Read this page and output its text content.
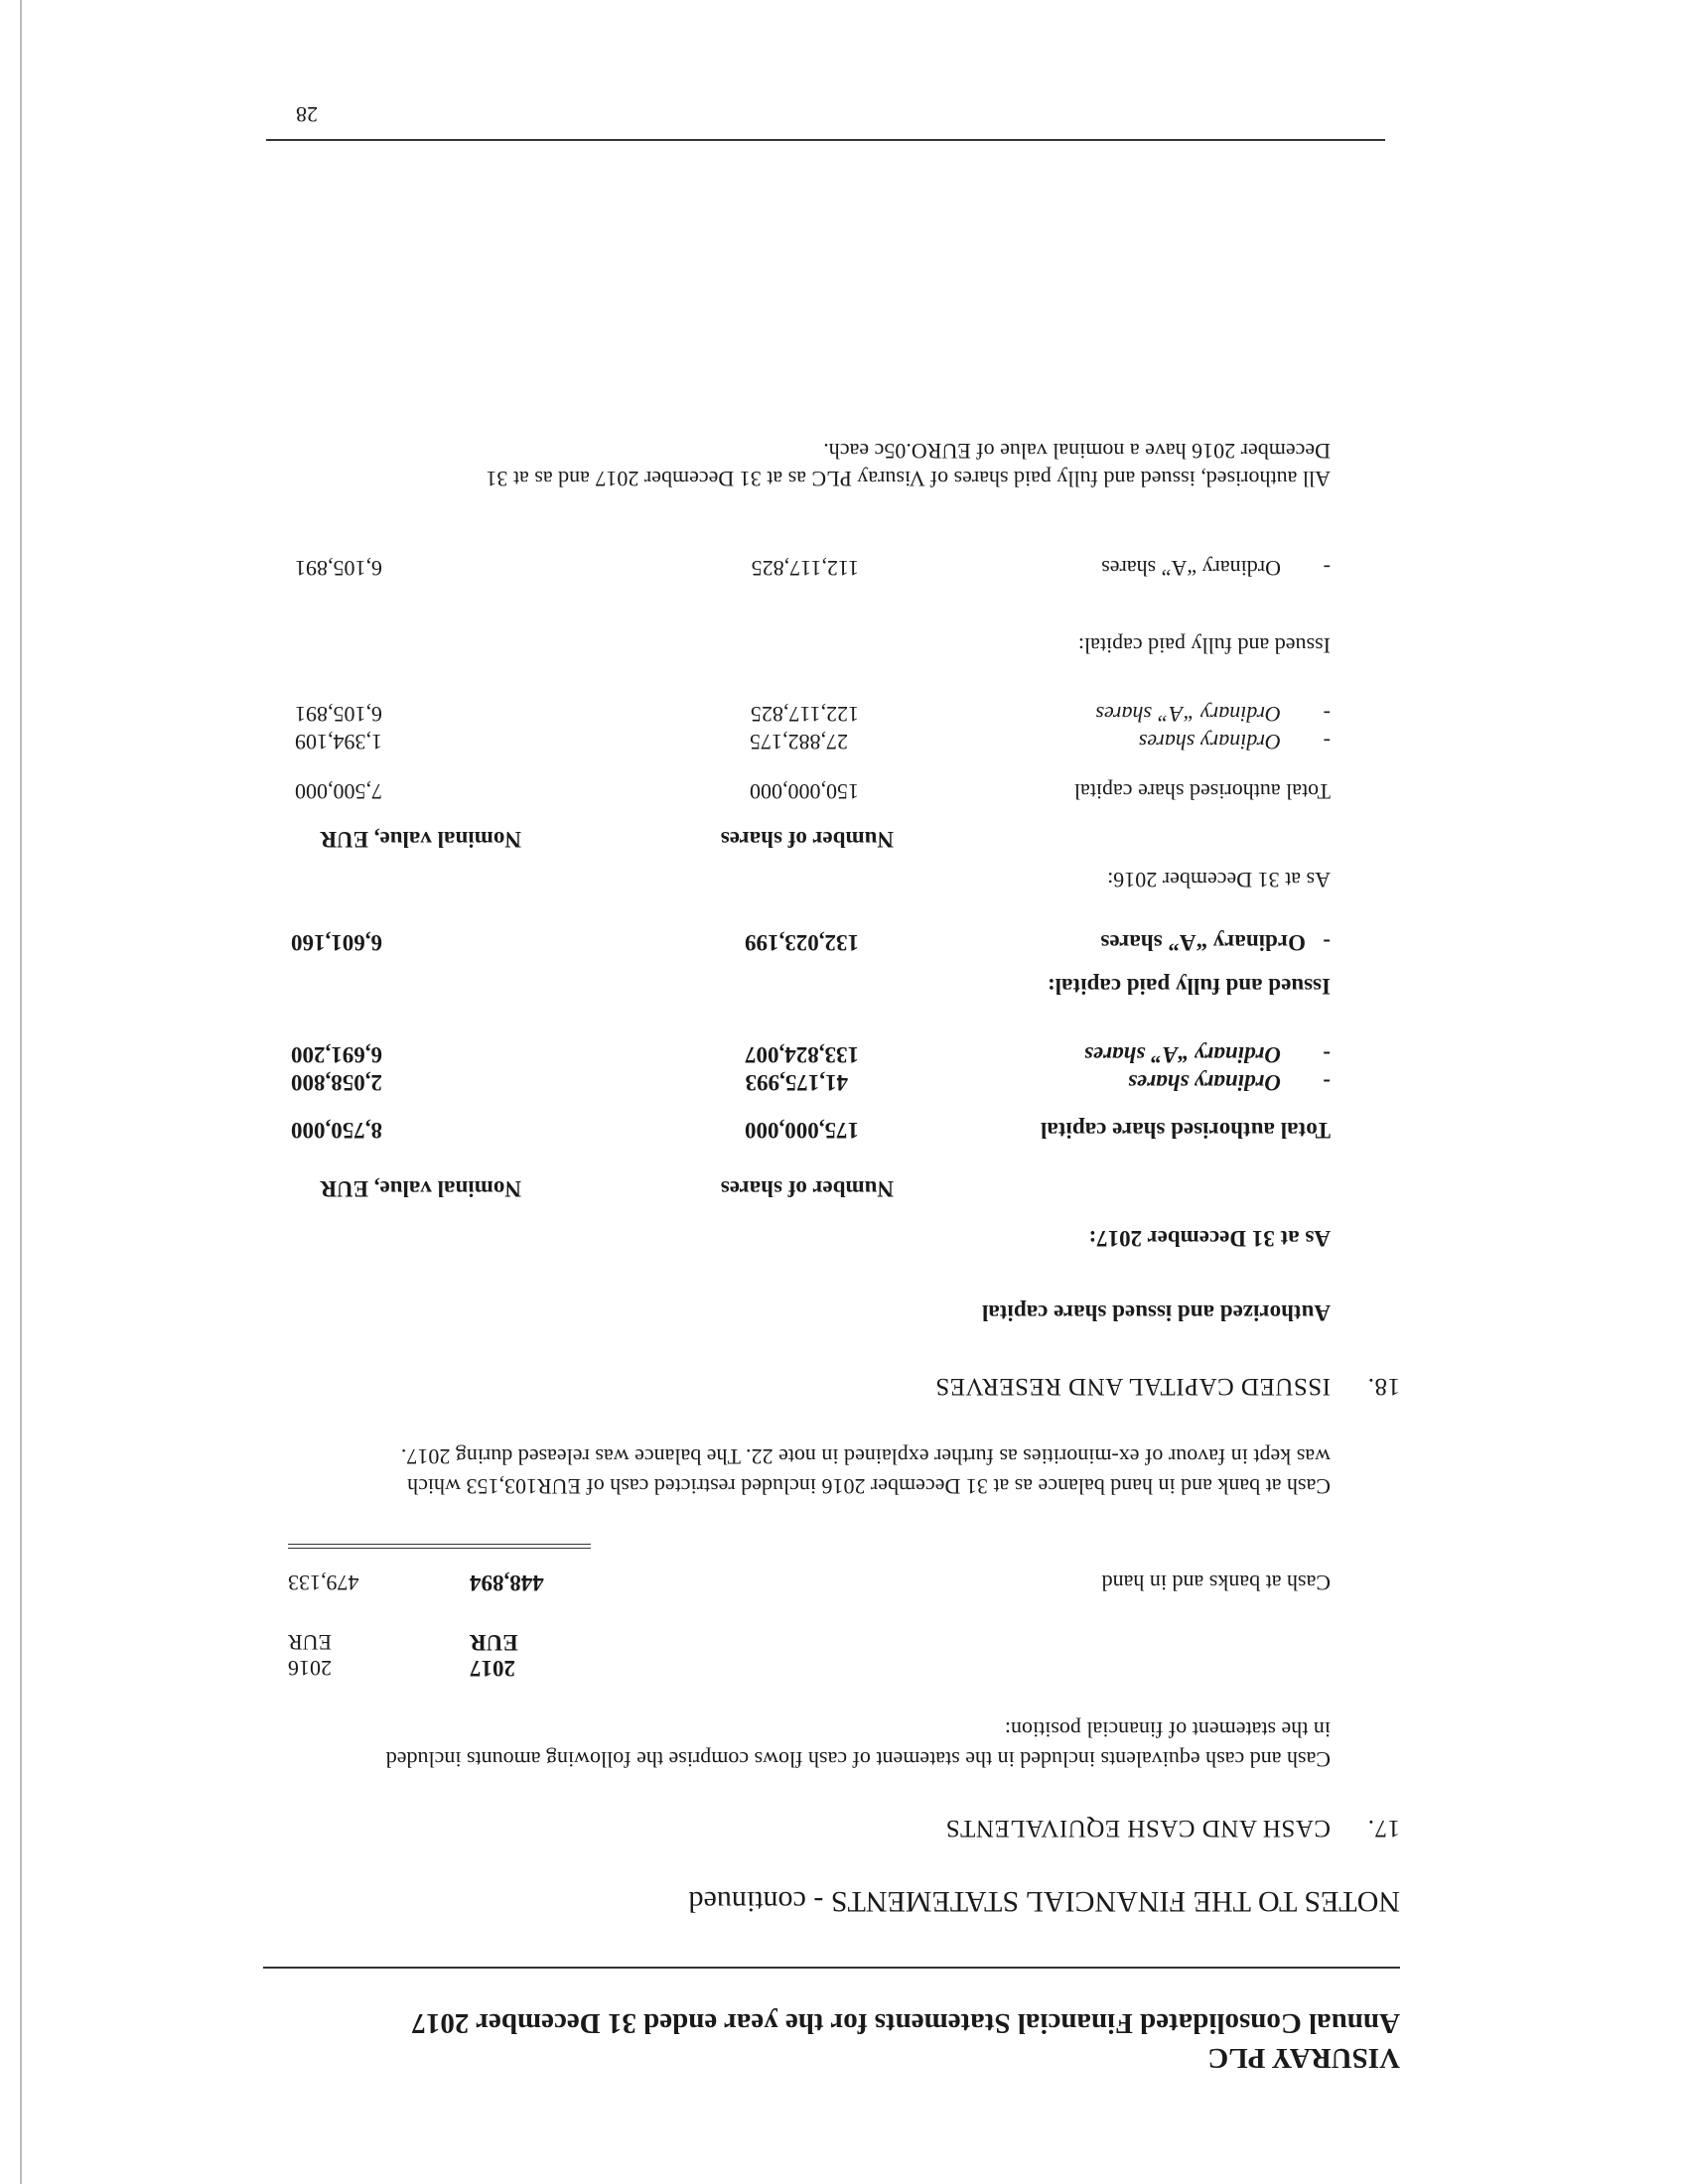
VISURAY PLC
Annual Consolidated Financial Statements for the year ended 31 December 2017
NOTES TO THE FINANCIAL STATEMENTS - continued
17.
CASH AND CASH EQUIVALENTS
Cash and cash equivalents included in the statement of cash flows comprise the following amounts included
in the statement of financial position:
2017
EUR
2016
EUR
Cash at banks and in hand
448,894
479,133
Cash at bank and in hand balance as at 31 December 2016 included restricted cash of EUR103,153 which
was kept in favour of ex-minorities as further explained in note 22. The balance was released during 2017.
18.
ISSUED CAPITAL AND RESERVES
Authorized and issued share capital
As at 31 December 2017:
Number of shares
Nominal value, EUR
Total authorised share capital
175,000,000
8,750,000
-Ordinary shares
41,175,993
2,058,800
-Ordinary “A” shares
133,824,007
6,691,200
Issued and fully paid capital:
-Ordinary “A” shares
132,023,199
6,601,160
As at 31 December 2016:
Number of shares
Nominal value, EUR
Total authorised share capital
150,000,000
7,500,000
-Ordinary shares
27,882,175
1,394,109
-Ordinary “A” shares
122,117,825
6,105,891
Issued and fully paid capital:
-Ordinary “A” shares
112,117,825
6,105,891
All authorised, issued and fully paid shares of Visuray PLC as at 31 December 2017 and as at 31
December 2016 have a nominal value of EURO.05c each.
28
